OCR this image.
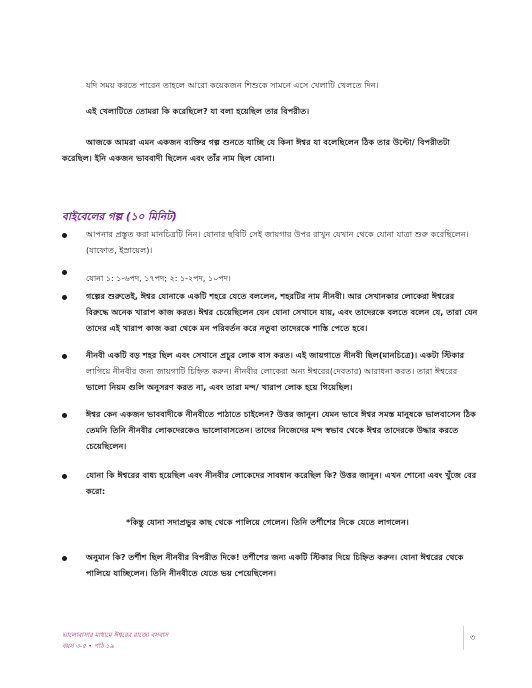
যদি সময় করতে পারেন তাহলে আরো কয়েকজন শিশুকে সামনে এসে খেলাটি খেলতে দিন।

এই খেলাটিতে তোমরা কি করেছিলে? যা বলা হয়েছিল তার বিপরীত।

আজকে আমরা এমন একজন ব্যক্তির গল্প শুনতে যাচ্ছি যে কিনা ঈশ্বর যা বলেছিলেন ঠিক তার উল্টো/ বিপরীতটা

করেছিল। ইনি একজন ভাববাদী ছিলেন এবং তাঁর নাম ছিল যোনা।

বাইবেলের গল্প (১০ মিনিট)

আপনার প্রস্তুত করা মানচিত্রটি নিন। যোনার ছবিটি সেই জায়গার উপর রাখুন যেখান থেকে যোনা যাত্রা শুরু করেছিলেন।

(যাফোত, ইস্রায়েল)।

যোনা ১: ১-৬পদ, ১৭পদ; ২: ১-২পদ, ১০পদ।

গল্পের শুরুতেই, ঈশ্বর যোনাকে একটি শহরে যেতে বললেন, শহরটির নাম নীনবী। আর সেখানকার লোকেরা ঈশ্বরের

বিরুদ্ধে অনেক খারাপ কাজ করত। ঈশ্বর চেয়েছিলেন যেন যোনা সেখানে যায়, এবং তাদেরকে বলতে বলেন যে, তারা যেন

তাদের এই খারাপ কাজ করা থেকে মন পরিবর্তন করে নতুবা তাদেরকে শাস্তি পেতে হবে।

নীনবী একটি বড় শহর ছিল এবং সেখানে প্রচুর লোক বাস করত। এই জায়গাতে নীনবী ছিল(মানচিত্রে)। একটা স্টিকার

লাগিয়ে নীনবীর জন্য জায়গাটি চিহ্নিত করুন। নীনবীর লোকেরা অন্য ঈশ্বরের(দেবতার) আরাধনা করত। তারা ঈশ্বরের

ভালো নিয়ম গুলি অনুসরণ করত না, এবং তারা মন্দ/ খারাপ লোক হয়ে গিয়েছিল।

ঈশ্বর কেন একজন ভাববাদীকে নীনবীতে পাঠাতে চাইলেন? উত্তর জানুন। যেমন ভাবে ঈশ্বর সমস্ত মানুষকে ভালবাসেন ঠিক

তেমনি তিনি নীনবীর লোকদেরকেও ভালোবাসতেন। তাদের নিজেদের মন্দ স্বভাব থেকে ঈশ্বর তাদেরকে উদ্ধার করতে

চেয়েছিলেন।

যোনা কি ঈশ্বরের বাধ্য হয়েছিল এবং নীনবীর লোকেদের সাবধান করেছিল কি? উত্তর জানুন। এখন শোনো এবং খুঁজে বের

করো:

*কিন্তু যোনা সদাপ্রভুর কাছ থেকে পালিয়ে গেলেন। তিনি তর্শীশের দিকে যেতে লাগলেন।

অনুমান কি? তর্শীশ ছিল নীনবীর বিপরীত দিকে! তর্শীশের জন্য একটি স্টিকার দিয়ে চিহ্নিত করুন। যোনা ঈশ্বরের থেকে

পালিয়ে যাচ্ছিলেন। তিনি নীনবীতে যেতে ভয় পেয়েছিলেন।

ভালোবাসার মাধ্যমে ঈশ্বরের রাজ্যে বসবাস
বয়স ৩-৫ • পাঠ ১৯
৩
